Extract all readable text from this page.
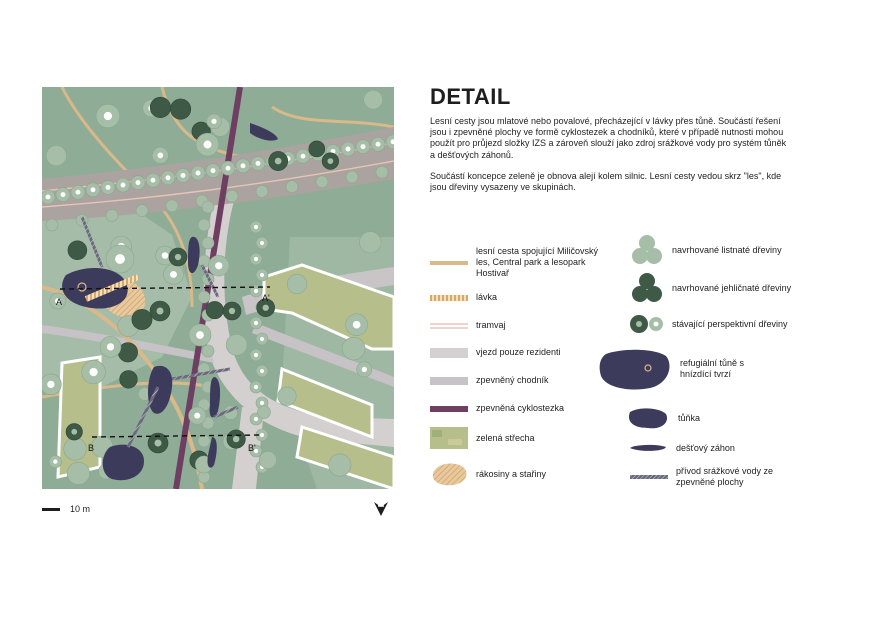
A	A'
B	B'
10 m
DETAIL

Lesní cesty jsou mlatové nebo povalové, přecházející v lávky přes tůně. Součástí řešení jsou i zpevněné plochy ve formě cyklostezek a chodníků, které v případě nutnosti mohou použít pro průjezd složky IZS a zároveň slouží jako zdroj srážkové vody pro systém tůněk a dešťových záhonů.

Součástí koncepce zeleně je obnova alejí kolem silnic. Lesní cesty vedou skrz "les", kde jsou dřeviny vysazeny ve skupinách.

lesní cesta spojující Miličovský les, Central park a lesopark Hostivař
lávka
tramvaj
vjezd pouze rezidenti
zpevněný chodník
zpevněná cyklostezka
zelená střecha
rákosiny a stařiny
navrhované listnaté dřeviny
navrhované jehličnaté dřeviny
stávající perspektivní dřeviny
refugiální tůně s hnízdící tvrzí
tůňka
dešťový záhon
přívod srážkové vody ze zpevněné plochy
